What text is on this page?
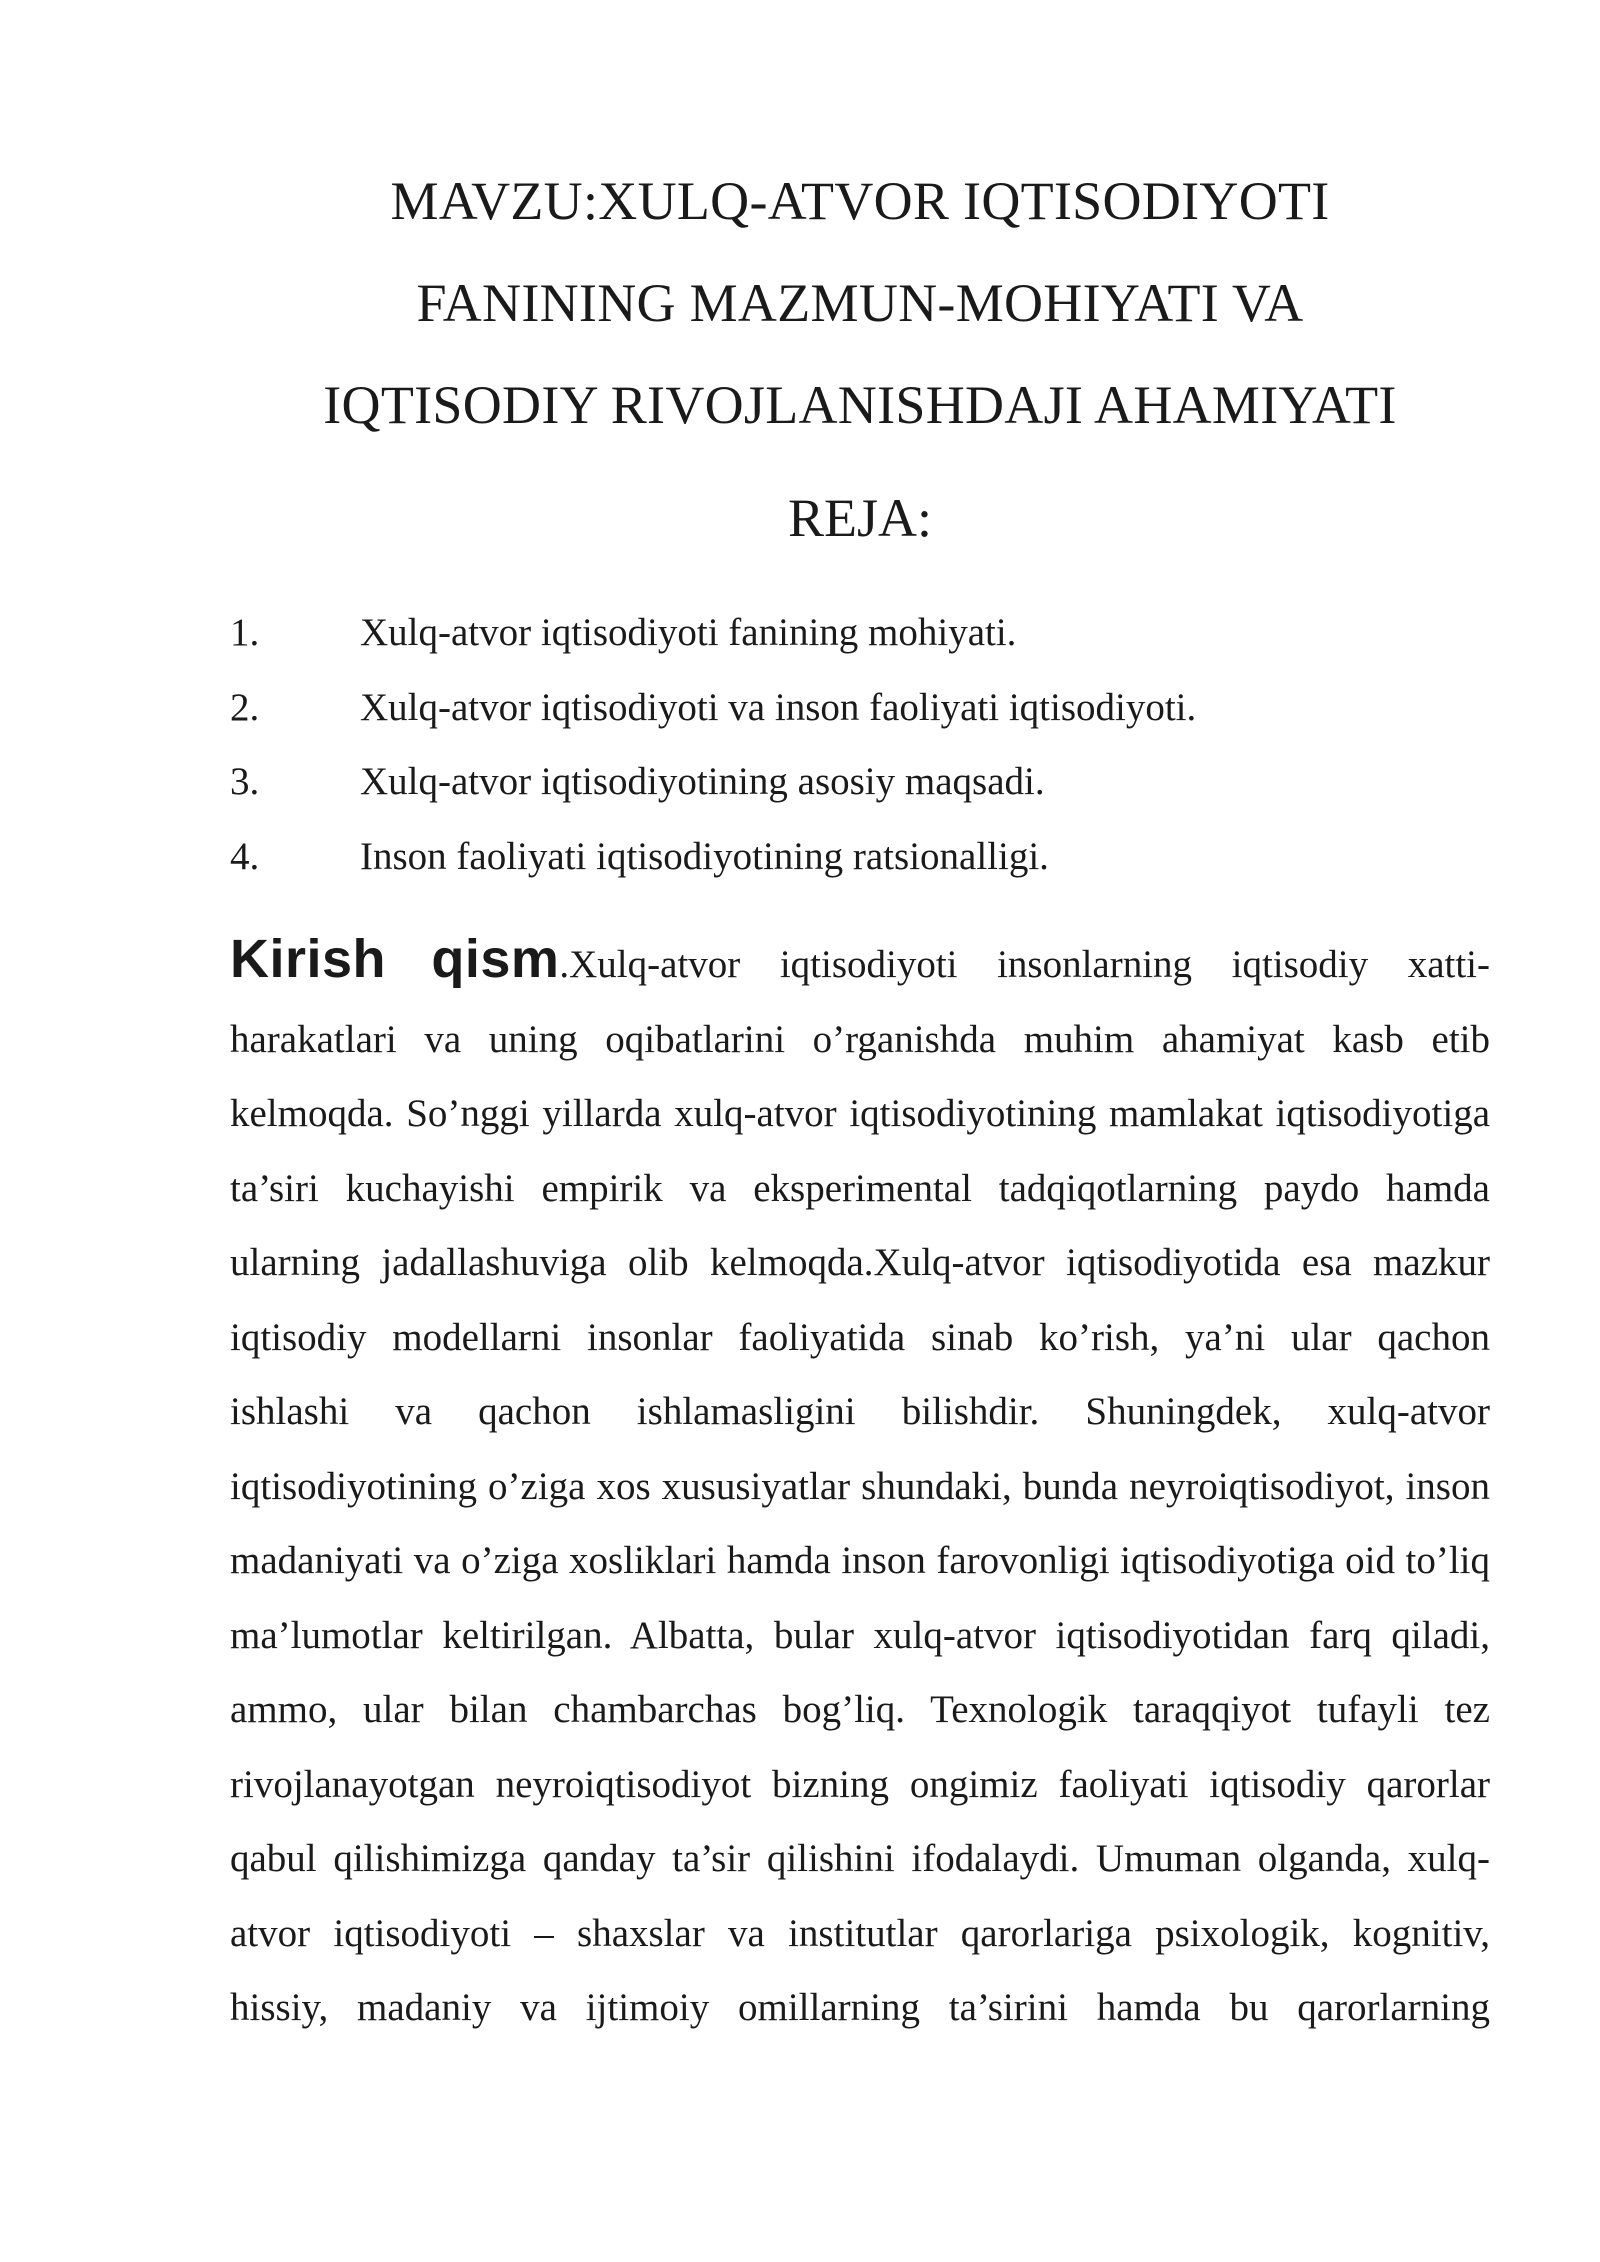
MAVZU:XULQ-ATVOR IQTISODIYOTI
FANINING MAZMUN-MOHIYATI VA
IQTISODIY RIVOJLANISHDAJI AHAMIYATI
REJA:
1.	Xulq-atvor iqtisodiyoti fanining mohiyati.
2.	Xulq-atvor iqtisodiyoti va inson faoliyati iqtisodiyoti.
3.	Xulq-atvor iqtisodiyotining asosiy maqsadi.
4.	Inson faoliyati iqtisodiyotining ratsionalligi.

Kirish qism.Xulq-atvor iqtisodiyoti insonlarning iqtisodiy xatti-harakatlari va uning oqibatlarini o’rganishda muhim ahamiyat kasb etib kelmoqda. So’nggi yillarda xulq-atvor iqtisodiyotining mamlakat iqtisodiyotiga ta’siri kuchayishi empirik va eksperimental tadqiqotlarning paydo hamda ularning jadallashuviga olib kelmoqda.Xulq-atvor iqtisodiyotida esa mazkur iqtisodiy modellarni insonlar faoliyatida sinab ko’rish, ya’ni ular qachon ishlashi va qachon ishlamasligini bilishdir. Shuningdek, xulq-atvor iqtisodiyotining o’ziga xos xususiyatlar shundaki, bunda neyroiqtisodiyot, inson madaniyati va o’ziga xosliklari hamda inson farovonligi iqtisodiyotiga oid to’liq ma’lumotlar keltirilgan. Albatta, bular xulq-atvor iqtisodiyotidan farq qiladi, ammo, ular bilan chambarchas bog’liq. Texnologik taraqqiyot tufayli tez rivojlanayotgan neyroiqtisodiyot bizning ongimiz faoliyati iqtisodiy qarorlar qabul qilishimizga qanday ta’sir qilishini ifodalaydi. Umuman olganda, xulq-atvor iqtisodiyoti – shaxslar va institutlar qarorlariga psixologik, kognitiv, hissiy, madaniy va ijtimoiy omillarning ta’sirini hamda bu qarorlarning
